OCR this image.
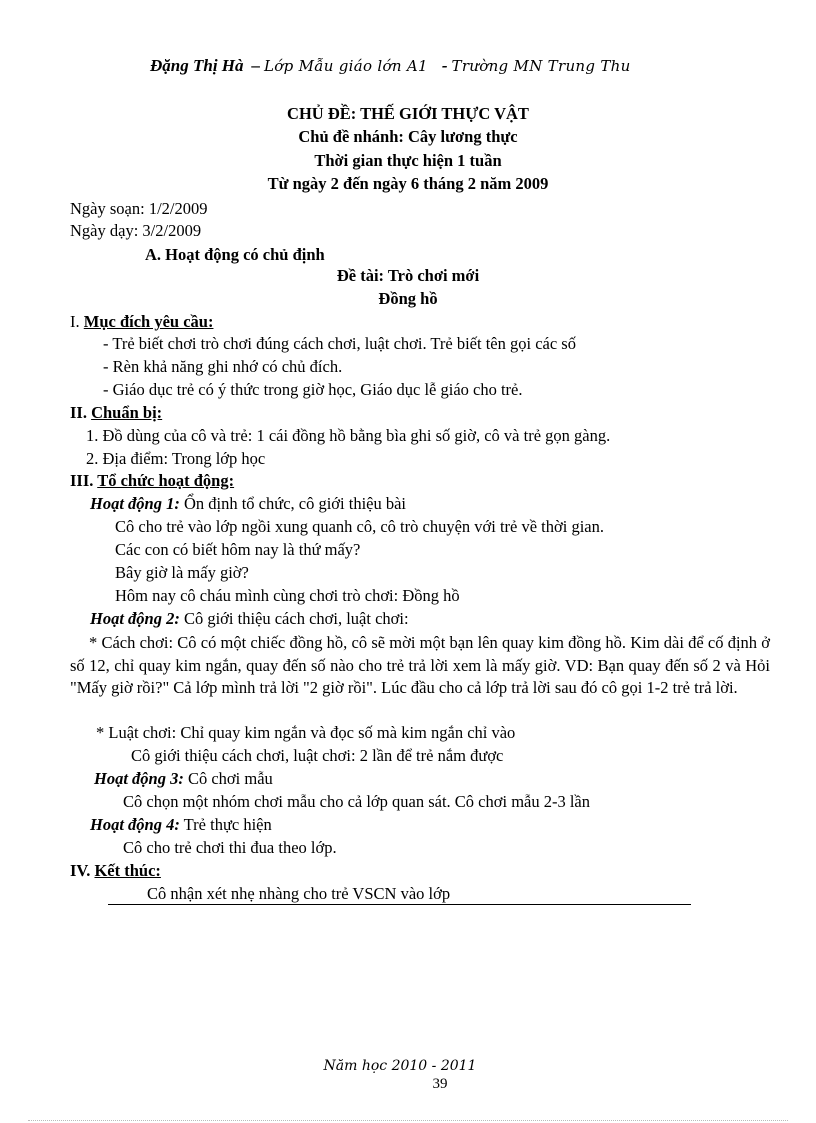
Đặng Thị Hà – Lớp Mẫu giáo lớn A1 - Trường MN Trung Thu
CHỦ ĐỀ: THẾ GIỚI THỰC VẬT
Chủ đề nhánh: Cây lương thực
Thời gian thực hiện 1 tuần
Từ ngày 2 đến ngày 6 tháng 2 năm 2009
Ngày soạn: 1/2/2009
Ngày dạy: 3/2/2009
A. Hoạt động có chủ định
Đề tài: Trò chơi mới
Đồng hồ
I. Mục đích yêu cầu:
- Trẻ biết chơi trò chơi đúng cách chơi, luật chơi. Trẻ biết tên gọi các số
- Rèn khả năng ghi nhớ có chủ đích.
- Giáo dục trẻ có ý thức trong giờ học, Giáo dục lễ giáo cho trẻ.
II. Chuẩn bị:
1. Đồ dùng của cô và trẻ: 1 cái đồng hồ bằng bìa ghi số giờ, cô và trẻ gọn gàng.
2. Địa điểm: Trong lớp học
III. Tổ chức hoạt động:
Hoạt động 1: Ổn định tổ chức, cô giới thiệu bài
Cô cho trẻ vào lớp ngồi xung quanh cô, cô trò chuyện với trẻ về thời gian.
Các con có biết hôm nay là thứ mấy?
Bây giờ là mấy giờ?
Hôm nay cô cháu mình cùng chơi trò chơi: Đồng hồ
Hoạt động 2: Cô giới thiệu cách chơi, luật chơi:
* Cách chơi: Cô có một chiếc đồng hồ, cô sẽ mời một bạn lên quay kim đồng hồ. Kim dài để cố định ở số 12, chỉ quay kim ngắn, quay đến số nào cho trẻ trả lời xem là mấy giờ. VD: Bạn quay đến số 2 và Hỏi "Mấy giờ rồi?" Cả lớp mình trả lời "2 giờ rồi". Lúc đầu cho cả lớp trả lời sau đó cô gọi 1-2 trẻ trả lời.
* Luật chơi: Chỉ quay kim ngắn và đọc số mà kim ngắn chỉ vào
Cô giới thiệu cách chơi, luật chơi: 2 lần để trẻ nắm được
Hoạt động 3: Cô chơi mẫu
Cô chọn một nhóm chơi mẫu cho cả lớp quan sát. Cô chơi mẫu 2-3 lần
Hoạt động 4: Trẻ thực hiện
Cô cho trẻ chơi thi đua theo lớp.
IV. Kết thúc:
Cô nhận xét nhẹ nhàng cho trẻ VSCN vào lớp
Năm học 2010 - 2011
39
